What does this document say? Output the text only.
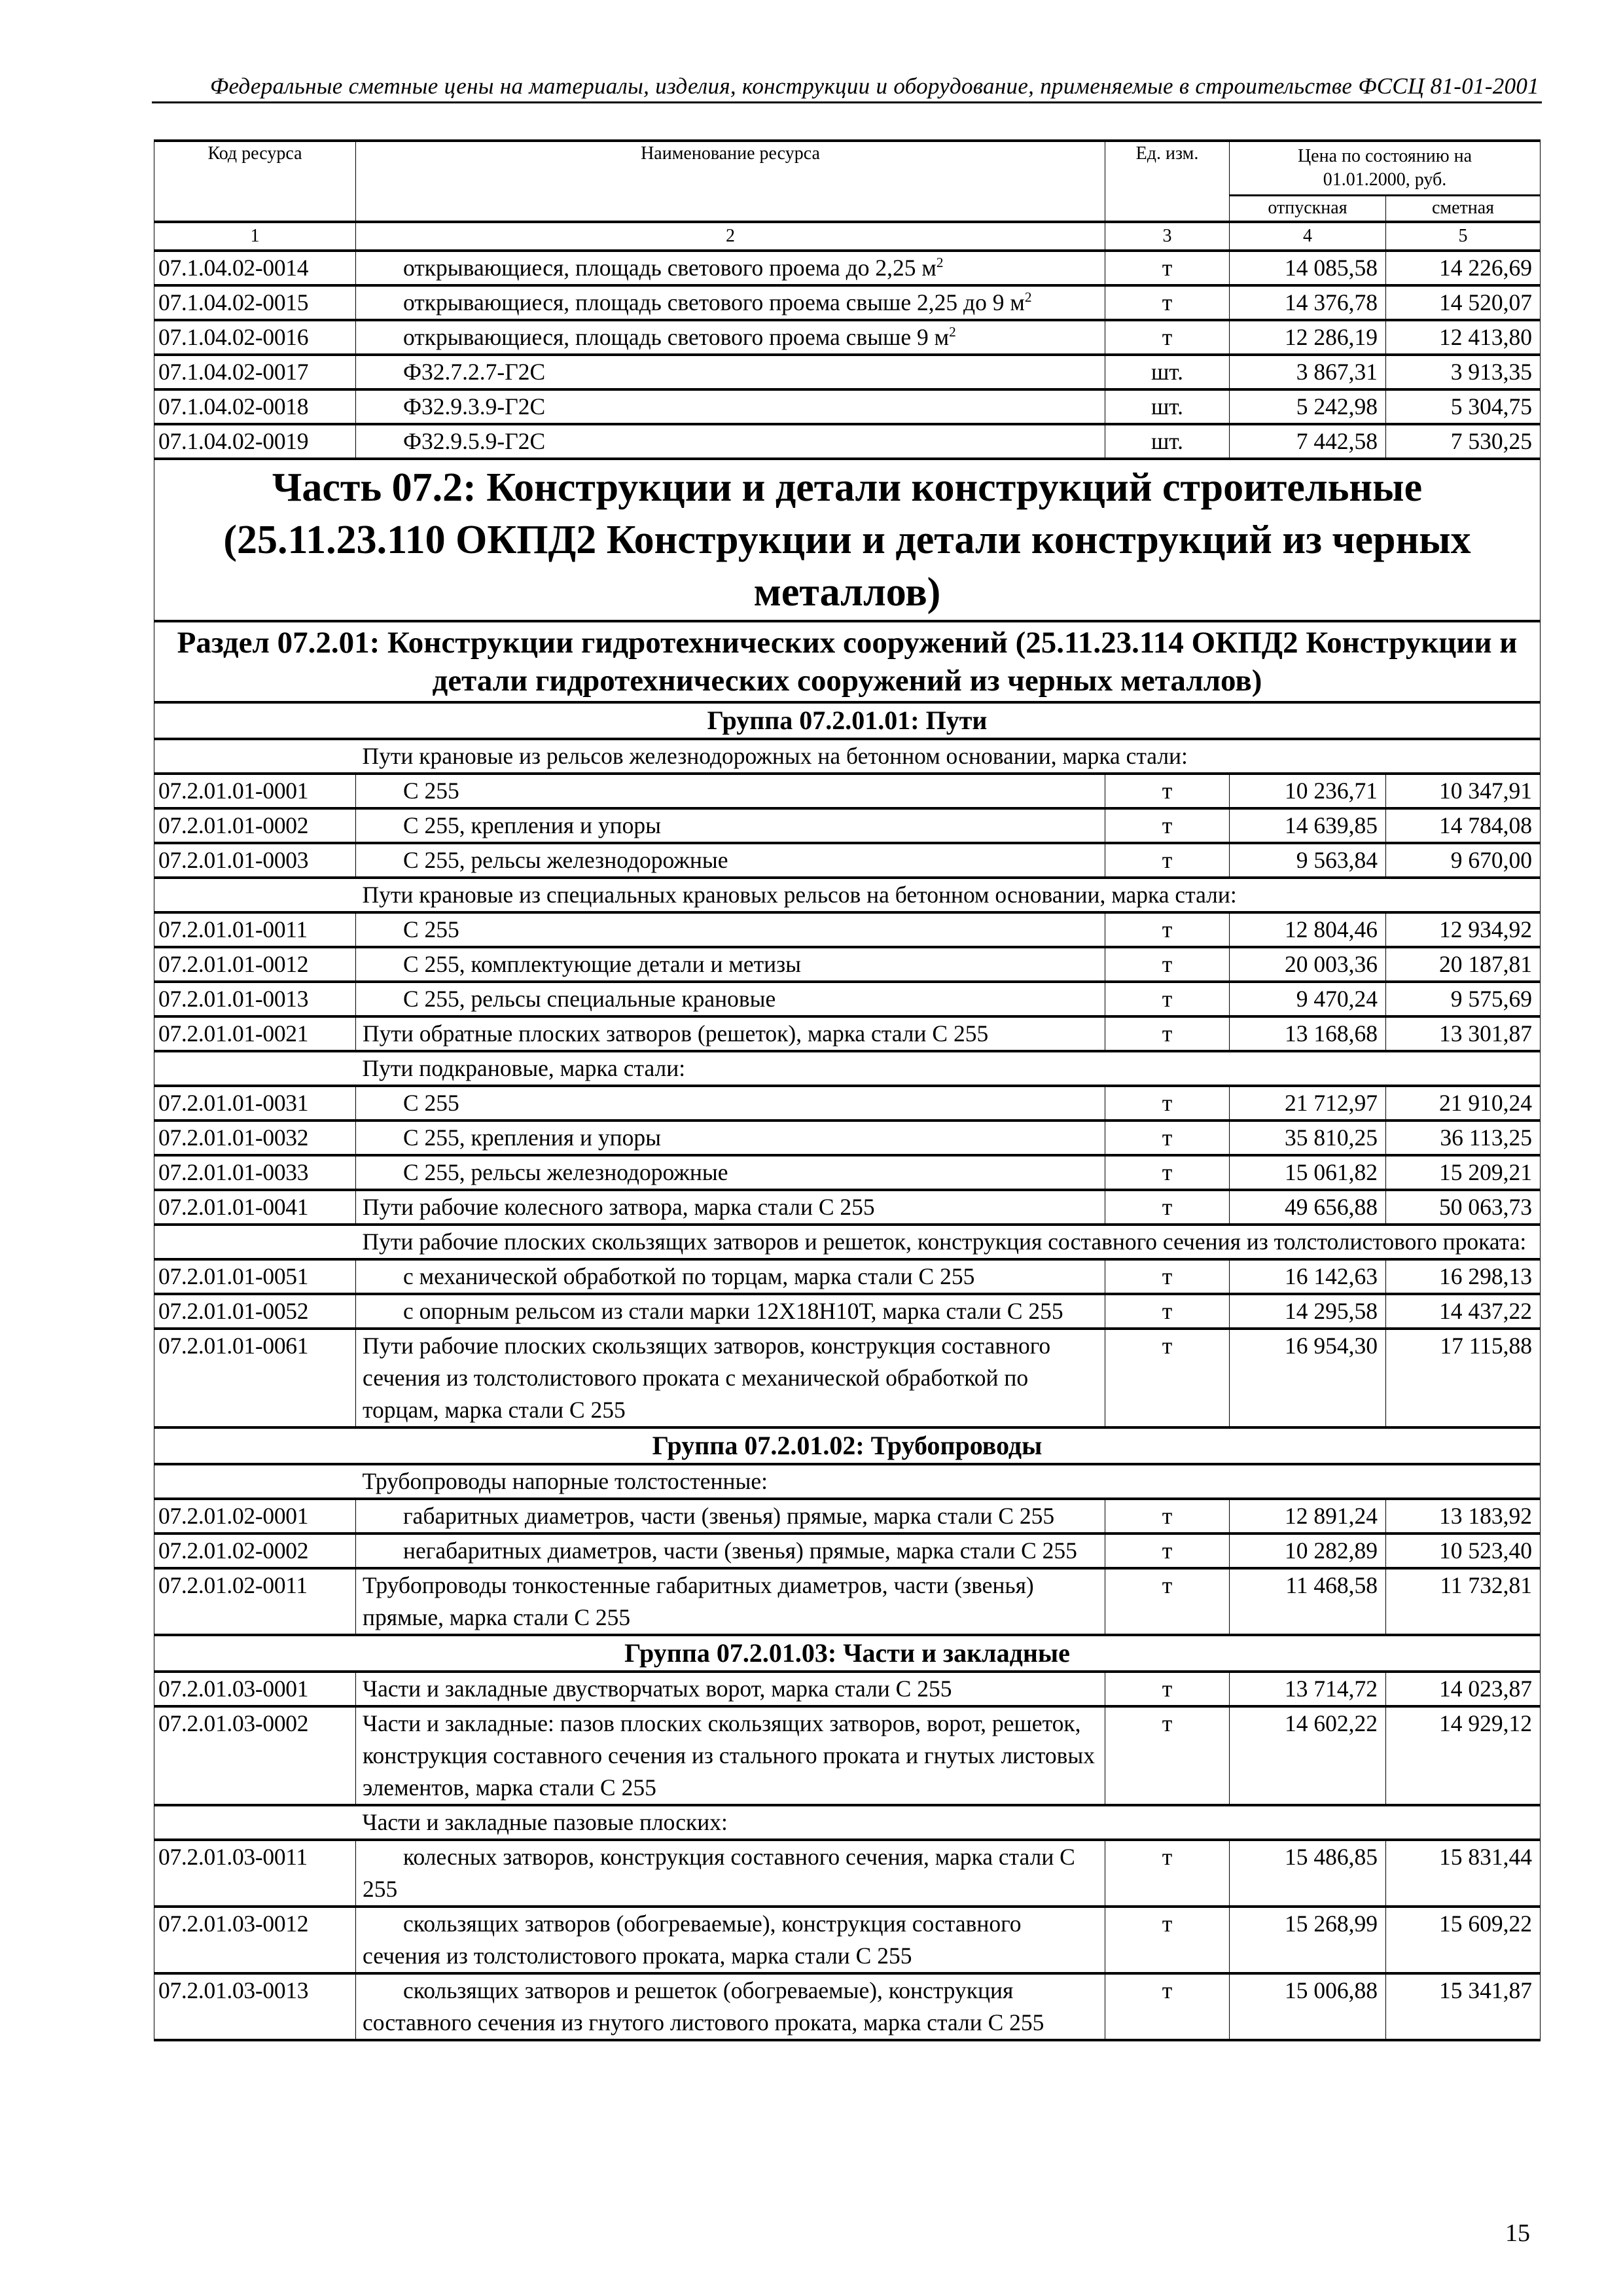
Федеральные сметные цены на материалы, изделия, конструкции и оборудование, применяемые в строительстве ФССЦ 81-01-2001
Код ресурса	Наименование ресурса	Ед. изм.	Цена по состоянию на 01.01.2000, руб.	
			отпускная	сметная
1	2	3	4	5
07.1.04.02-0014	открывающиеся, площадь светового проема до 2,25 $м^2$	т	14 085,58	14 226,69
07.1.04.02-0015	открывающиеся, площадь светового проема свыше 2,25 до 9 $м^2$	т	14 376,78	14 520,07
07.1.04.02-0016	открывающиеся, площадь светового проема свыше 9 $м^2$	т	12 286,19	12 413,80
07.1.04.02-0017	Ф32.7.2.7-Г2С	шт.	3 867,31	3 913,35
07.1.04.02-0018	Ф32.9.3.9-Г2С	шт.	5 242,98	5 304,75
07.1.04.02-0019	Ф32.9.5.9-Г2С	шт.	7 442,58	7 530,25
Часть 07.2: Конструкции и детали конструкций строительные (25.11.23.110 ОКПД2 Конструкции и детали конструкций из черных металлов)				
Раздел 07.2.01: Конструкции гидротехнических сооружений (25.11.23.114 ОКПД2 Конструкции и детали гидротехнических сооружений из черных металлов)				
Группа 07.2.01.01: Пути				
	Пути крановые из рельсов железнодорожных на бетонном основании, марка стали:			
07.2.01.01-0001	С 255	т	10 236,71	10 347,91
07.2.01.01-0002	С 255, крепления и упоры	т	14 639,85	14 784,08
07.2.01.01-0003	С 255, рельсы железнодорожные	т	9 563,84	9 670,00
	Пути крановые из специальных крановых рельсов на бетонном основании, марка стали:			
07.2.01.01-0011	С 255	т	12 804,46	12 934,92
07.2.01.01-0012	С 255, комплектующие детали и метизы	т	20 003,36	20 187,81
07.2.01.01-0013	С 255, рельсы специальные крановые	т	9 470,24	9 575,69
07.2.01.01-0021	Пути обратные плоских затворов (решеток), марка стали С 255	т	13 168,68	13 301,87
	Пути подкрановые, марка стали:			
07.2.01.01-0031	С 255	т	21 712,97	21 910,24
07.2.01.01-0032	С 255, крепления и упоры	т	35 810,25	36 113,25
07.2.01.01-0033	С 255, рельсы железнодорожные	т	15 061,82	15 209,21
07.2.01.01-0041	Пути рабочие колесного затвора, марка стали С 255	т	49 656,88	50 063,73
	Пути рабочие плоских скользящих затворов и решеток, конструкция составного сечения из толстолистового проката:			
07.2.01.01-0051	с механической обработкой по торцам, марка стали С 255	т	16 142,63	16 298,13
07.2.01.01-0052	с опорным рельсом из стали марки 12Х18Н10Т, марка стали С 255	т	14 295,58	14 437,22
07.2.01.01-0061	Пути рабочие плоских скользящих затворов, конструкция составного сечения из толстолистового проката с механической обработкой по торцам, марка стали С 255	т	16 954,30	17 115,88
Группа 07.2.01.02: Трубопроводы				
	Трубопроводы напорные толстостенные:			
07.2.01.02-0001	габаритных диаметров, части (звенья) прямые, марка стали С 255	т	12 891,24	13 183,92
07.2.01.02-0002	негабаритных диаметров, части (звенья) прямые, марка стали С 255	т	10 282,89	10 523,40
07.2.01.02-0011	Трубопроводы тонкостенные габаритных диаметров, части (звенья) прямые, марка стали С 255	т	11 468,58	11 732,81
Группа 07.2.01.03: Части и закладные				
07.2.01.03-0001	Части и закладные двустворчатых ворот, марка стали С 255	т	13 714,72	14 023,87
07.2.01.03-0002	Части и закладные: пазов плоских скользящих затворов, ворот, решеток, конструкция составного сечения из стального проката и гнутых листовых элементов, марка стали С 255	т	14 602,22	14 929,12
	Части и закладные пазовые плоских:			
07.2.01.03-0011	колесных затворов, конструкция составного сечения, марка стали С 255	т	15 486,85	15 831,44
07.2.01.03-0012	скользящих затворов (обогреваемые), конструкция составного сечения из толстолистового проката, марка стали С 255	т	15 268,99	15 609,22
07.2.01.03-0013	скользящих затворов и решеток (обогреваемые), конструкция составного сечения из гнутого листового проката, марка стали С 255	т	15 006,88	15 341,87
15
